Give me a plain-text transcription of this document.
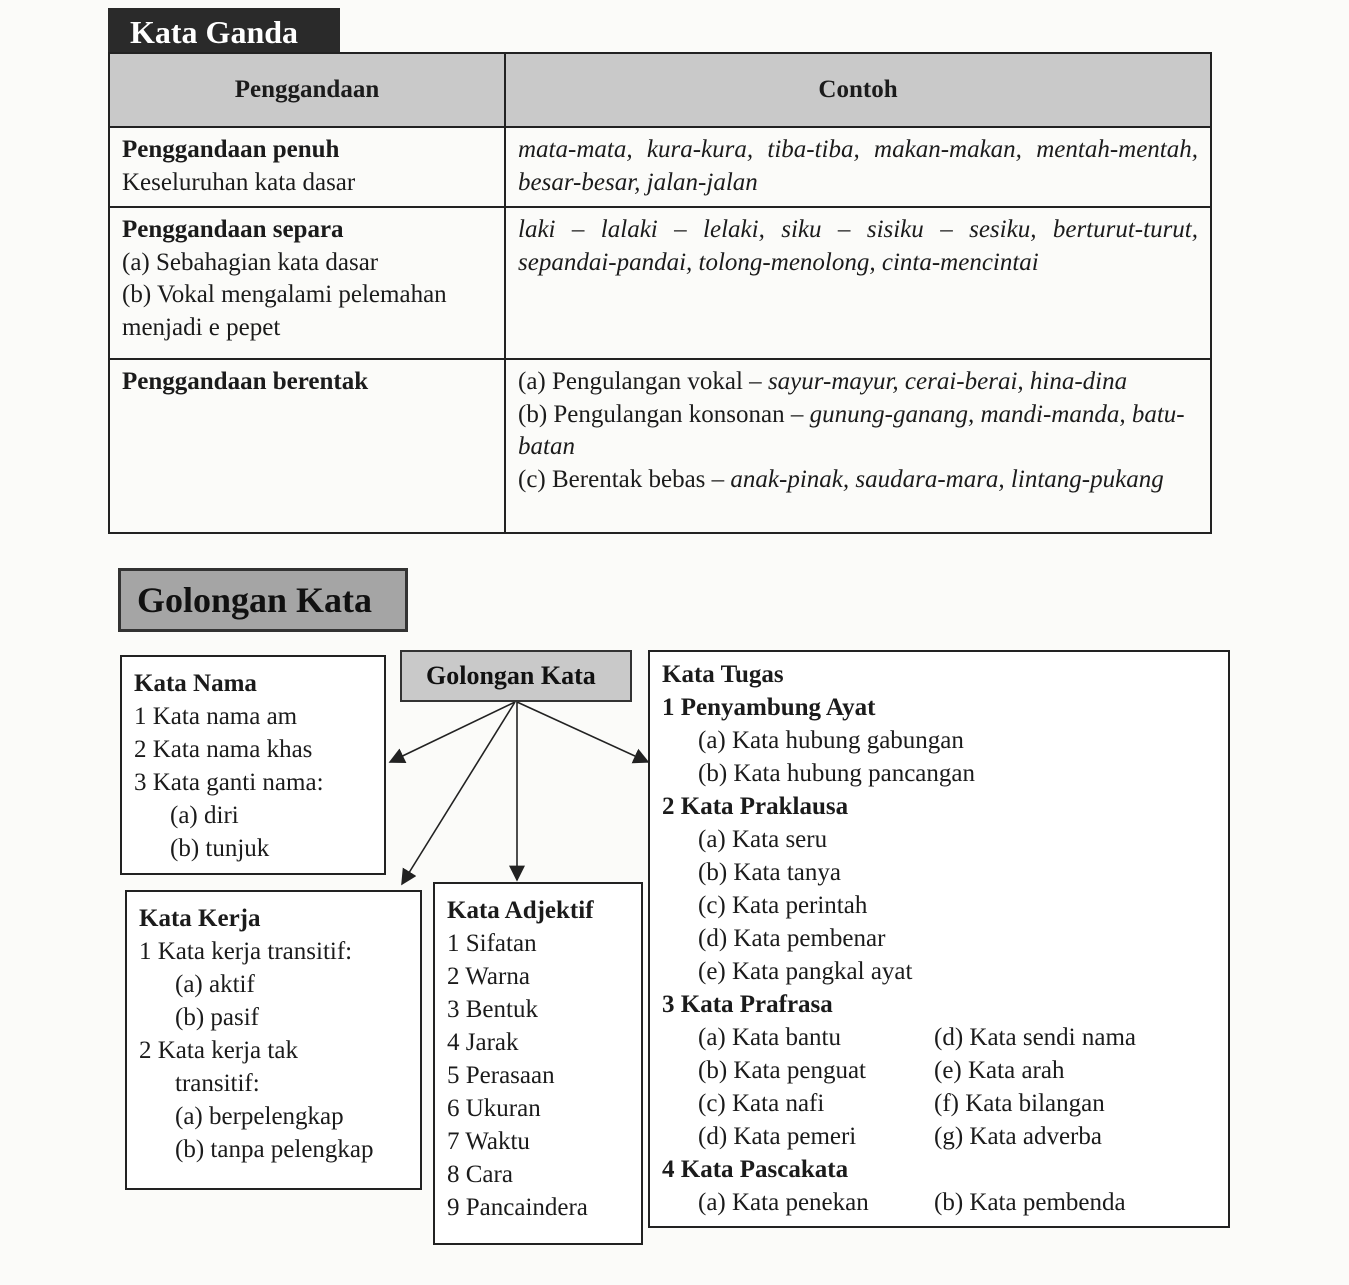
Kata Ganda
Penggandaan	Contoh
Penggandaan penuh
Keseluruhan kata dasar	mata-mata, kura-kura, tiba-tiba, makan-makan, mentah-mentah, besar-besar, jalan-jalan
Penggandaan separa
(a) Sebahagian kata dasar
(b) Vokal mengalami pelemahan menjadi e pepet	laki – lalaki – lelaki, siku – sisiku – sesiku, berturut-turut, sepandai-pandai, tolong-menolong, cinta-mencintai
Penggandaan berentak	(a) Pengulangan vokal – sayur-mayur, cerai-berai, hina-dina
(b) Pengulangan konsonan – gunung-ganang, mandi-manda, batu-batan
(c) Berentak bebas – anak-pinak, saudara-mara, lintang-pukang
Golongan Kata
Kata Nama
1 Kata nama am
2 Kata nama khas
3 Kata ganti nama:
(a) diri
(b) tunjuk
Golongan Kata
Kata Kerja
1 Kata kerja transitif:
(a) aktif
(b) pasif
2 Kata kerja tak
transitif:
(a) berpelengkap
(b) tanpa pelengkap
Kata Adjektif
1 Sifatan
2 Warna
3 Bentuk
4 Jarak
5 Perasaan
6 Ukuran
7 Waktu
8 Cara
9 Pancaindera
Kata Tugas
1 Penyambung Ayat
(a) Kata hubung gabungan
(b) Kata hubung pancangan
2 Kata Praklausa
(a) Kata seru
(b) Kata tanya
(c) Kata perintah
(d) Kata pembenar
(e) Kata pangkal ayat
3 Kata Prafrasa
(a) Kata bantu	(d) Kata sendi nama
(b) Kata penguat	(e) Kata arah
(c) Kata nafi	(f) Kata bilangan
(d) Kata pemeri	(g) Kata adverba
4 Kata Pascakata
(a) Kata penekan	(b) Kata pembenda
